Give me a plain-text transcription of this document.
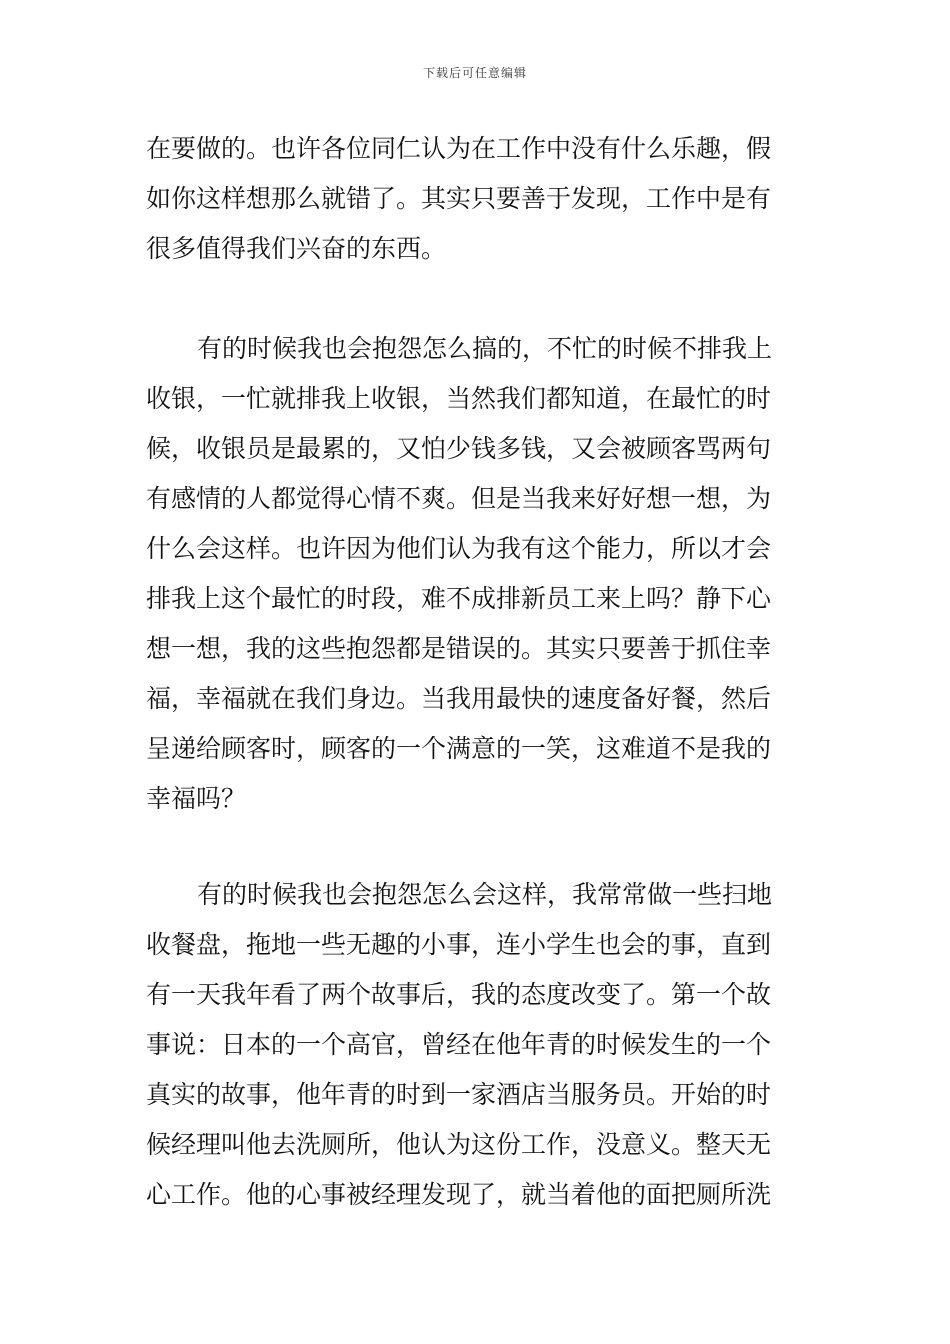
下载后可任意编辑
在要做的。也许各位同仁认为在工作中没有什么乐趣，假
如你这样想那么就错了。其实只要善于发现，工作中是有
很多值得我们兴奋的东西。
有的时候我也会抱怨怎么搞的，不忙的时候不排我上
收银，一忙就排我上收银，当然我们都知道，在最忙的时
候，收银员是最累的，又怕少钱多钱，又会被顾客骂两句
有感情的人都觉得心情不爽。但是当我来好好想一想，为
什么会这样。也许因为他们认为我有这个能力，所以才会
排我上这个最忙的时段，难不成排新员工来上吗？静下心
想一想，我的这些抱怨都是错误的。其实只要善于抓住幸
福，幸福就在我们身边。当我用最快的速度备好餐，然后
呈递给顾客时，顾客的一个满意的一笑，这难道不是我的
幸福吗？
有的时候我也会抱怨怎么会这样，我常常做一些扫地
收餐盘，拖地一些无趣的小事，连小学生也会的事，直到
有一天我年看了两个故事后，我的态度改变了。第一个故
事说：日本的一个高官，曾经在他年青的时候发生的一个
真实的故事，他年青的时到一家酒店当服务员。开始的时
候经理叫他去洗厕所，他认为这份工作，没意义。整天无
心工作。他的心事被经理发现了，就当着他的面把厕所洗
